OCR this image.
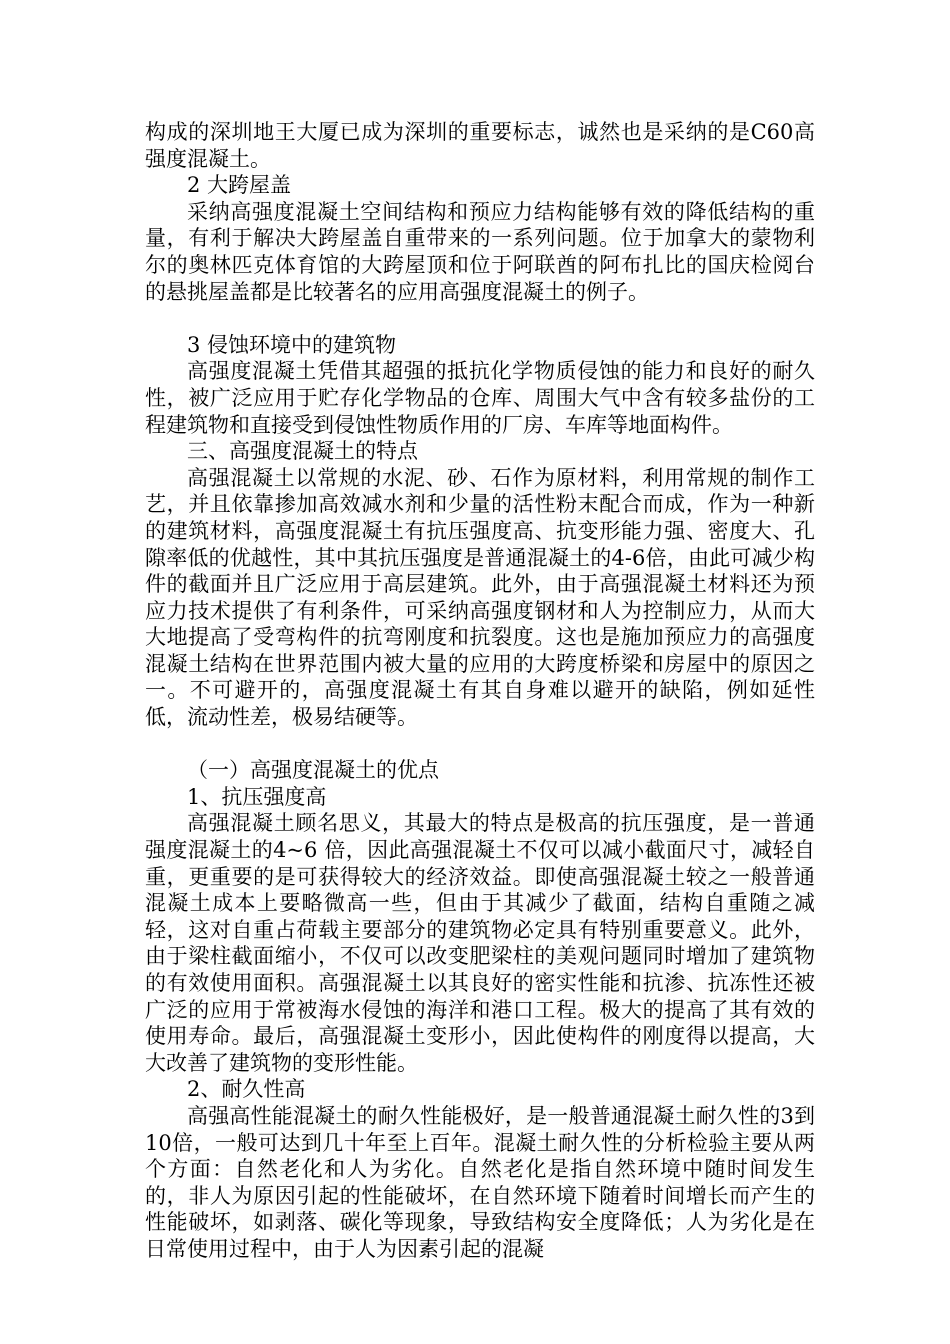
构成的深圳地王大厦已成为深圳的重要标志，诚然也是采纳的是C60高强度混凝土。

2 大跨屋盖

采纳高强度混凝土空间结构和预应力结构能够有效的降低结构的重量，有利于解决大跨屋盖自重带来的一系列问题。位于加拿大的蒙物利尔的奥林匹克体育馆的大跨屋顶和位于阿联酋的阿布扎比的国庆检阅台的悬挑屋盖都是比较著名的应用高强度混凝土的例子。

3 侵蚀环境中的建筑物

高强度混凝土凭借其超强的抵抗化学物质侵蚀的能力和良好的耐久性，被广泛应用于贮存化学物品的仓库、周围大气中含有较多盐份的工程建筑物和直接受到侵蚀性物质作用的厂房、车库等地面构件。

三、高强度混凝土的特点

高强混凝土以常规的水泥、砂、石作为原材料，利用常规的制作工艺，并且依靠掺加高效减水剂和少量的活性粉末配合而成，作为一种新的建筑材料，高强度混凝土有抗压强度高、抗变形能力强、密度大、孔隙率低的优越性，其中其抗压强度是普通混凝土的4-6倍，由此可减少构件的截面并且广泛应用于高层建筑。此外，由于高强混凝土材料还为预应力技术提供了有利条件，可采纳高强度钢材和人为控制应力，从而大大地提高了受弯构件的抗弯刚度和抗裂度。这也是施加预应力的高强度混凝土结构在世界范围内被大量的应用的大跨度桥梁和房屋中的原因之一。不可避开的，高强度混凝土有其自身难以避开的缺陷，例如延性低，流动性差，极易结硬等。

（一）高强度混凝土的优点

1、抗压强度高

高强混凝土顾名思义，其最大的特点是极高的抗压强度，是一普通强度混凝土的4~6 倍，因此高强混凝土不仅可以减小截面尺寸，减轻自重，更重要的是可获得较大的经济效益。即使高强混凝土较之一般普通混凝土成本上要略微高一些，但由于其减少了截面，结构自重随之减轻，这对自重占荷载主要部分的建筑物必定具有特别重要意义。此外，由于梁柱截面缩小，不仅可以改变肥梁柱的美观问题同时增加了建筑物的有效使用面积。高强混凝土以其良好的密实性能和抗渗、抗冻性还被广泛的应用于常被海水侵蚀的海洋和港口工程。极大的提高了其有效的使用寿命。最后，高强混凝土变形小，因此使构件的刚度得以提高，大大改善了建筑物的变形性能。

2、耐久性高

高强高性能混凝土的耐久性能极好，是一般普通混凝土耐久性的3到10倍，一般可达到几十年至上百年。混凝土耐久性的分析检验主要从两个方面：自然老化和人为劣化。自然老化是指自然环境中随时间发生的，非人为原因引起的性能破坏，在自然环境下随着时间增长而产生的性能破坏，如剥落、碳化等现象，导致结构安全度降低；人为劣化是在日常使用过程中，由于人为因素引起的混凝
